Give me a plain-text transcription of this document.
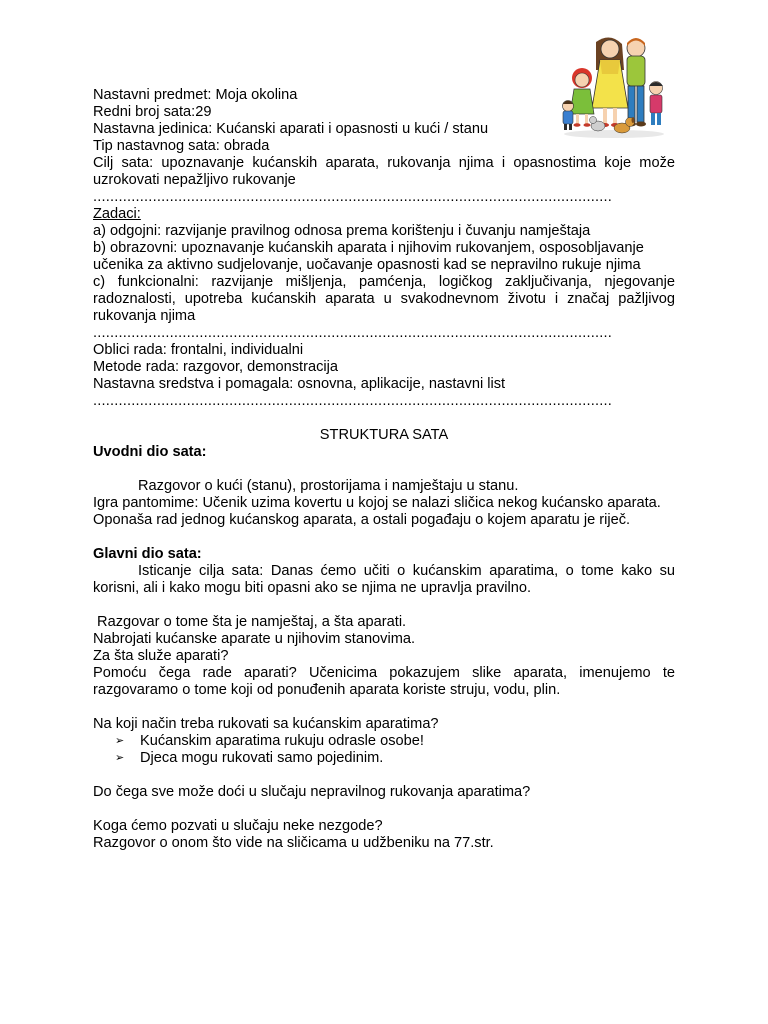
Nastavni predmet: Moja okolina
Redni broj sata:29
Nastavna jedinica: Kućanski aparati i opasnosti u kući / stanu
Tip nastavnog sata: obrada
Cilj sata: upoznavanje kućanskih aparata, rukovanja njima i opasnostima koje može uzrokovati nepažljivo rukovanje
..........................................................................................................................
Zadaci:
a) odgojni: razvijanje pravilnog odnosa prema korištenju i čuvanju namještaja
b) obrazovni: upoznavanje kućanskih aparata i njihovim rukovanjem, osposobljavanje učenika za aktivno sudjelovanje, uočavanje opasnosti kad se nepravilno rukuje njima
c) funkcionalni: razvijanje mišljenja, pamćenja, logičkog zaključivanja, njegovanje radoznalosti, upotreba kućanskih aparata u svakodnevnom životu i značaj pažljivog rukovanja njima
..........................................................................................................................
Oblici rada: frontalni, individualni
Metode rada: razgovor, demonstracija
Nastavna sredstva i pomagala: osnovna, aplikacije, nastavni list
..........................................................................................................................
STRUKTURA SATA
Uvodni dio sata:
Razgovor o kući (stanu), prostorijama i namještaju u stanu.
Igra pantomime: Učenik uzima kovertu u kojoj se nalazi sličica nekog kućansko aparata. Oponaša rad jednog kućanskog aparata, a ostali pogađaju o kojem aparatu je riječ.
Glavni dio sata:
Isticanje cilja sata: Danas ćemo učiti o kućanskim aparatima, o tome kako su korisni, ali i kako mogu biti opasni ako se njima ne upravlja pravilno.
Razgovar o tome šta je namještaj, a šta aparati.
Nabrojati kućanske aparate u njihovim stanovima.
Za šta služe aparati?
Pomoću čega rade aparati? Učenicima pokazujem slike aparata, imenujemo te razgovaramo o tome koji od ponuđenih aparata koriste struju, vodu, plin.
Na koji način treba rukovati sa kućanskim aparatima?
➢ Kućanskim aparatima rukuju odrasle osobe!
➢ Djeca mogu rukovati samo pojedinim.
Do čega sve može doći u slučaju nepravilnog rukovanja aparatima?
Koga ćemo pozvati u slučaju neke nezgode?
Razgovor o onom što vide na sličicama u udžbeniku na 77.str.
